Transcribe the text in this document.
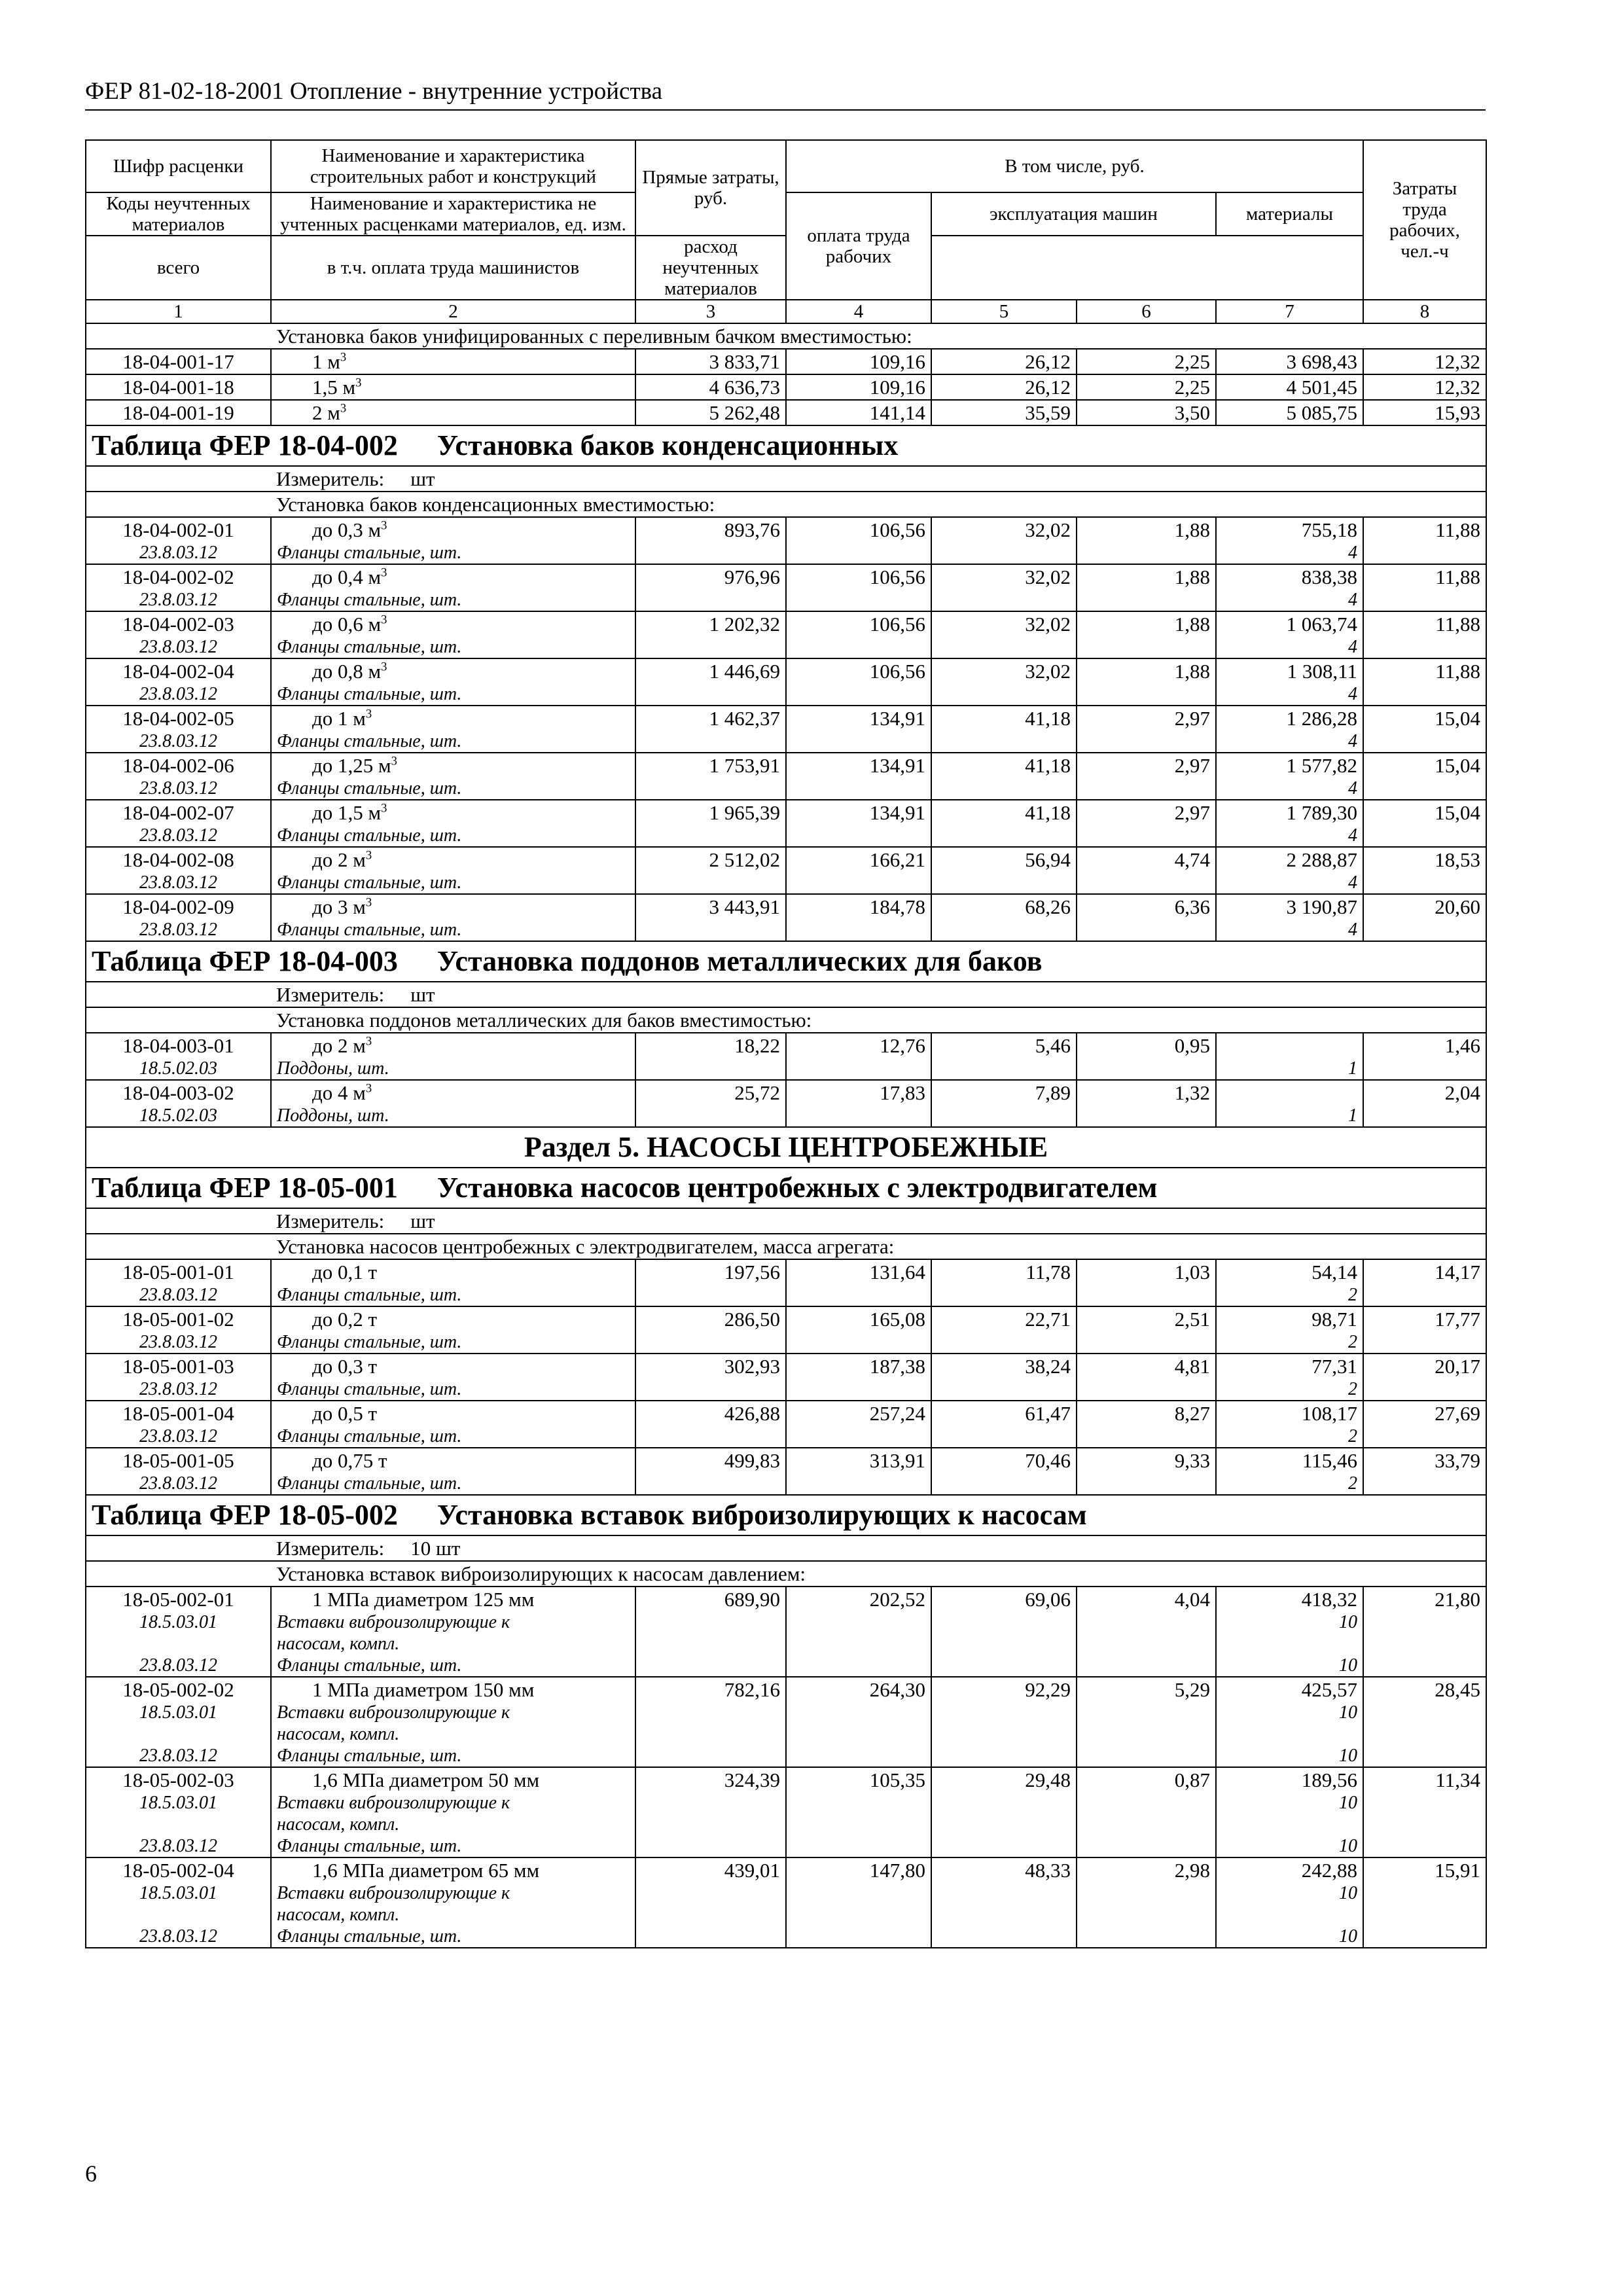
ФЕР 81-02-18-2001 Отопление - внутренние устройства
Шифр расценки	Наименование и характеристика строительных работ и конструкций	Прямые затраты, руб.	В том числе, руб.				Затраты труда рабочих, чел.-ч
Коды неучтенных материалов	Наименование и характеристика не учтенных расценками материалов, ед. изм.						
			оплата труда рабочих	эксплуатация машин		материалы	
всего	в т.ч. оплата труда машинистов	расход неучтенных материалов					
1	2	3	4	5	6	7	8
Установка баков унифицированных с переливным бачком вместимостью:							
18-04-001-17	1 $м^3$	3 833,71	109,16	26,12	2,25	3 698,43	12,32
18-04-001-18	1,5 $м^3$	4 636,73	109,16	26,12	2,25	4 501,45	12,32
18-04-001-19	2 $м^3$	5 262,48	141,14	35,59	3,50	5 085,75	15,93
Таблица ФЕР 18-04-002 Установка баков конденсационных							
Измеритель: шт							
Установка баков конденсационных вместимостью:							
18-04-002-01	до 0,3 $м^3$	893,76	106,56	32,02	1,88	755,18	11,88
23.8.03.12	Фланцы стальные, шт.					4	
18-04-002-02	до 0,4 $м^3$	976,96	106,56	32,02	1,88	838,38	11,88
23.8.03.12	Фланцы стальные, шт.					4	
18-04-002-03	до 0,6 $м^3$	1 202,32	106,56	32,02	1,88	1 063,74	11,88
23.8.03.12	Фланцы стальные, шт.					4	
18-04-002-04	до 0,8 $м^3$	1 446,69	106,56	32,02	1,88	1 308,11	11,88
23.8.03.12	Фланцы стальные, шт.					4	
18-04-002-05	до 1 $м^3$	1 462,37	134,91	41,18	2,97	1 286,28	15,04
23.8.03.12	Фланцы стальные, шт.					4	
18-04-002-06	до 1,25 $м^3$	1 753,91	134,91	41,18	2,97	1 577,82	15,04
23.8.03.12	Фланцы стальные, шт.					4	
18-04-002-07	до 1,5 $м^3$	1 965,39	134,91	41,18	2,97	1 789,30	15,04
23.8.03.12	Фланцы стальные, шт.					4	
18-04-002-08	до 2 $м^3$	2 512,02	166,21	56,94	4,74	2 288,87	18,53
23.8.03.12	Фланцы стальные, шт.					4	
18-04-002-09	до 3 $м^3$	3 443,91	184,78	68,26	6,36	3 190,87	20,60
23.8.03.12	Фланцы стальные, шт.					4	
Таблица ФЕР 18-04-003 Установка поддонов металлических для баков							
Измеритель: шт							
Установка поддонов металлических для баков вместимостью:							
18-04-003-01	до 2 $м^3$	18,22	12,76	5,46	0,95		1,46
18.5.02.03	Поддоны, шт.					1	
18-04-003-02	до 4 $м^3$	25,72	17,83	7,89	1,32		2,04
18.5.02.03	Поддоны, шт.					1	
Раздел 5. НАСОСЫ ЦЕНТРОБЕЖНЫЕ							
Таблица ФЕР 18-05-001 Установка насосов центробежных с электродвигателем							
Измеритель: шт							
Установка насосов центробежных с электродвигателем, масса агрегата:							
18-05-001-01	до 0,1 т	197,56	131,64	11,78	1,03	54,14	14,17
23.8.03.12	Фланцы стальные, шт.					2	
18-05-001-02	до 0,2 т	286,50	165,08	22,71	2,51	98,71	17,77
23.8.03.12	Фланцы стальные, шт.					2	
18-05-001-03	до 0,3 т	302,93	187,38	38,24	4,81	77,31	20,17
23.8.03.12	Фланцы стальные, шт.					2	
18-05-001-04	до 0,5 т	426,88	257,24	61,47	8,27	108,17	27,69
23.8.03.12	Фланцы стальные, шт.					2	
18-05-001-05	до 0,75 т	499,83	313,91	70,46	9,33	115,46	33,79
23.8.03.12	Фланцы стальные, шт.					2	
Таблица ФЕР 18-05-002 Установка вставок виброизолирующих к насосам							
Измеритель: 10 шт							
Установка вставок виброизолирующих к насосам давлением:							
18-05-002-01	1 МПа диаметром 125 мм	689,90	202,52	69,06	4,04	418,32	21,80
18.5.03.01	Вставки виброизолирующие к					10	
	насосам, компл.						
23.8.03.12	Фланцы стальные, шт.					10	
18-05-002-02	1 МПа диаметром 150 мм	782,16	264,30	92,29	5,29	425,57	28,45
18.5.03.01	Вставки виброизолирующие к					10	
	насосам, компл.						
23.8.03.12	Фланцы стальные, шт.					10	
18-05-002-03	1,6 МПа диаметром 50 мм	324,39	105,35	29,48	0,87	189,56	11,34
18.5.03.01	Вставки виброизолирующие к					10	
	насосам, компл.						
23.8.03.12	Фланцы стальные, шт.					10	
18-05-002-04	1,6 МПа диаметром 65 мм	439,01	147,80	48,33	2,98	242,88	15,91
18.5.03.01	Вставки виброизолирующие к					10	
	насосам, компл.						
23.8.03.12	Фланцы стальные, шт.					10	

6
